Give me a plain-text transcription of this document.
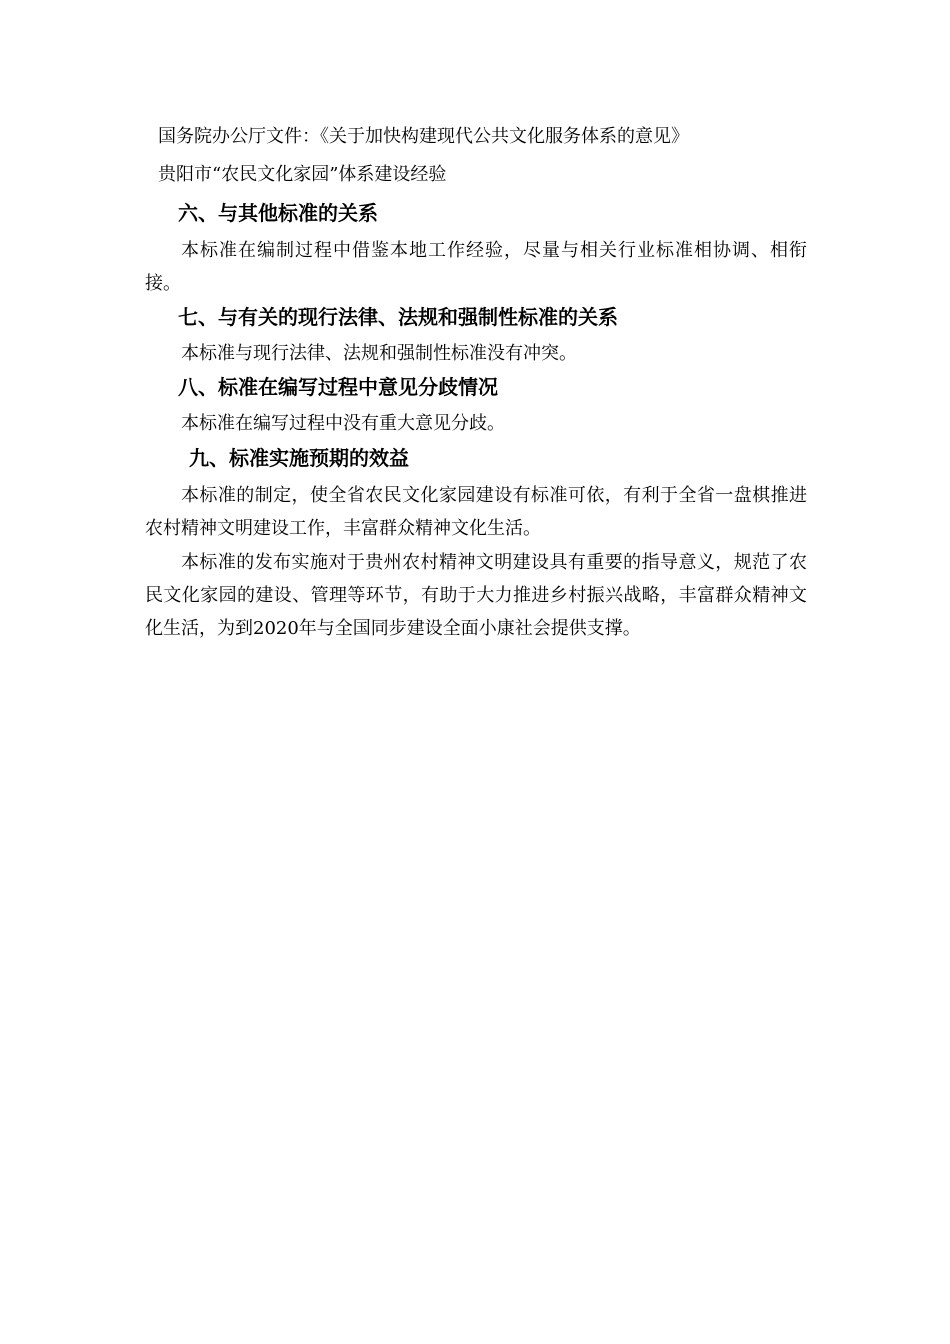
国务院办公厅文件：《关于加快构建现代公共文化服务体系的意见》
贵阳市“农民文化家园”体系建设经验
六、与其他标准的关系
本标准在编制过程中借鉴本地工作经验，尽量与相关行业标准相协调、相衔接。
七、与有关的现行法律、法规和强制性标准的关系
本标准与现行法律、法规和强制性标准没有冲突。
八、标准在编写过程中意见分歧情况
本标准在编写过程中没有重大意见分歧。
九、标准实施预期的效益
本标准的制定，使全省农民文化家园建设有标准可依，有利于全省一盘棋推进农村精神文明建设工作，丰富群众精神文化生活。
本标准的发布实施对于贵州农村精神文明建设具有重要的指导意义，规范了农民文化家园的建设、管理等环节，有助于大力推进乡村振兴战略，丰富群众精神文化生活，为到2020年与全国同步建设全面小康社会提供支撑。
